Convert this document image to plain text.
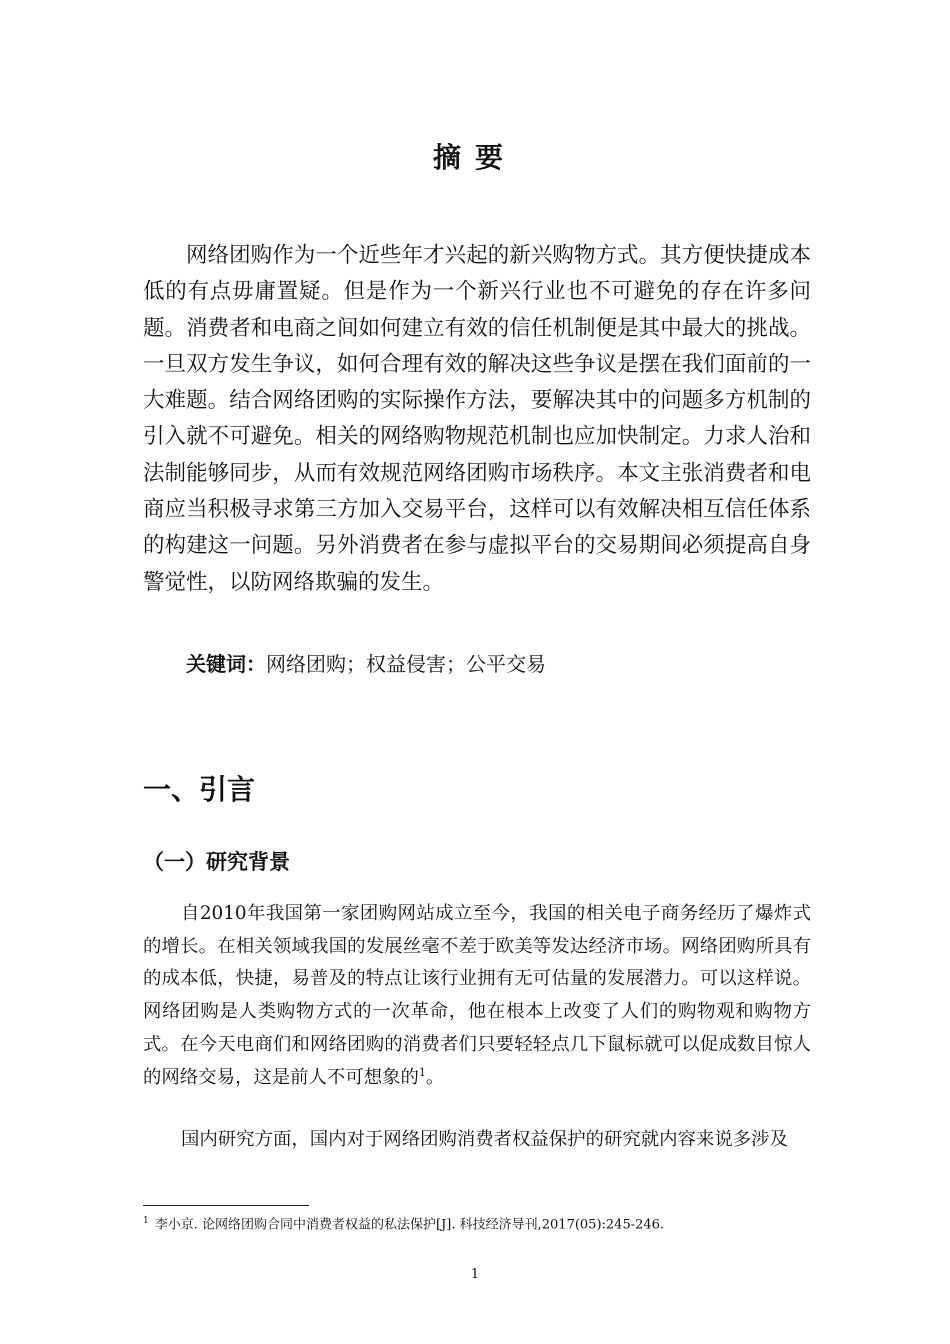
摘要

网络团购作为一个近些年才兴起的新兴购物方式。其方便快捷成本低的有点毋庸置疑。但是作为一个新兴行业也不可避免的存在许多问题。消费者和电商之间如何建立有效的信任机制便是其中最大的挑战。一旦双方发生争议，如何合理有效的解决这些争议是摆在我们面前的一大难题。结合网络团购的实际操作方法，要解决其中的问题多方机制的引入就不可避免。相关的网络购物规范机制也应加快制定。力求人治和法制能够同步，从而有效规范网络团购市场秩序。本文主张消费者和电商应当积极寻求第三方加入交易平台，这样可以有效解决相互信任体系的构建这一问题。另外消费者在参与虚拟平台的交易期间必须提高自身警觉性，以防网络欺骗的发生。

关键词：网络团购；权益侵害；公平交易

一、引言
（一）研究背景

自2010年我国第一家团购网站成立至今，我国的相关电子商务经历了爆炸式的增长。在相关领域我国的发展丝毫不差于欧美等发达经济市场。网络团购所具有的成本低，快捷，易普及的特点让该行业拥有无可估量的发展潜力。可以这样说。网络团购是人类购物方式的一次革命，他在根本上改变了人们的购物观和购物方式。在今天电商们和网络团购的消费者们只要轻轻点几下鼠标就可以促成数目惊人的网络交易，这是前人不可想象的$^1$。

国内研究方面，国内对于网络团购消费者权益保护的研究就内容来说多涉及

$^1$ 李小京. 论网络团购合同中消费者权益的私法保护[J]. 科技经济导刊,2017(05):245-246.

1
